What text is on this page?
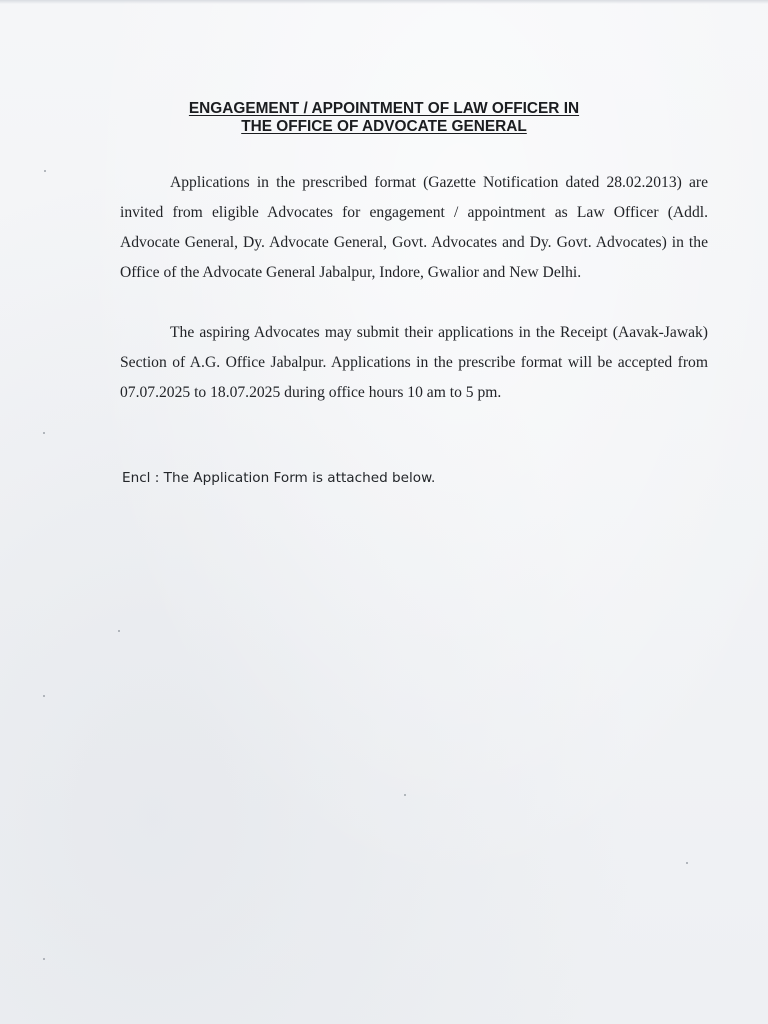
ENGAGEMENT / APPOINTMENT OF LAW OFFICER IN
THE OFFICE OF ADVOCATE GENERAL

Applications in the prescribed format (Gazette Notification dated 28.02.2013) are invited from eligible Advocates for engagement / appointment as Law Officer (Addl. Advocate General, Dy. Advocate General, Govt. Advocates and Dy. Govt. Advocates) in the Office of the Advocate General Jabalpur, Indore, Gwalior and New Delhi.

The aspiring Advocates may submit their applications in the Receipt (Aavak-Jawak) Section of A.G. Office Jabalpur. Applications in the prescribe format will be accepted from 07.07.2025 to 18.07.2025 during office hours 10 am to 5 pm.

Encl : The Application Form is attached below.
